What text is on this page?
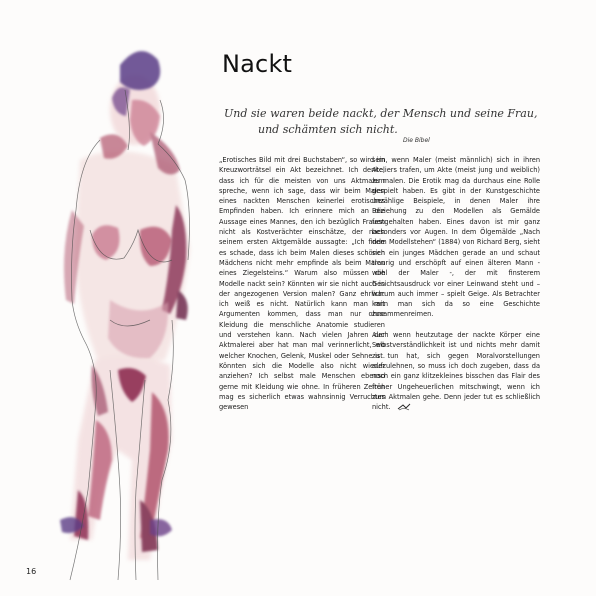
Nackt
Und sie waren beide nackt, der Mensch und seine Frau,
und schämten sich nicht.
Die Bibel

„Erotisches Bild mit drei Buchstaben“, so wird im Kreuzworträtsel ein Akt bezeichnet. Ich denke, dass ich für die meisten von uns Aktmalern spreche, wenn ich sage, dass wir beim Malen eines nackten Menschen keinerlei erotisches Empfinden haben. Ich erinnere mich an die Aussage eines Mannes, den ich bezüglich Frauen nicht als Kostverächter einschätze, der nach seinem ersten Aktgemälde aussagte: „Ich finde es schade, dass ich beim Malen dieses schönen Mädchens nicht mehr empfinde als beim Malen eines Ziegelsteins.“ Warum also müssen die Modelle nackt sein? Könnten wir sie nicht auch in der angezogenen Version malen? Ganz ehrlich: ich weiß es nicht. Natürlich kann man mit Argumenten kommen, dass man nur ohne Kleidung die menschliche Anatomie studieren und verstehen kann. Nach vielen Jahren der Aktmalerei aber hat man mal verinnerlicht, wo welcher Knochen, Gelenk, Muskel oder Sehne ist. Könnten sich die Modelle also nicht wieder anziehen? Ich selbst male Menschen ebenso gerne mit Kleidung wie ohne. In früheren Zeiten mag es sicherlich etwas wahnsinnig Verruchtes gewesen

sein, wenn Maler (meist männlich) sich in ihren Ateliers trafen, um Akte (meist jung und weiblich) zu malen. Die Erotik mag da durchaus eine Rolle gespielt haben. Es gibt in der Kunstgeschichte unzählige Beispiele, in denen Maler ihre Beziehung zu den Modellen als Gemälde festgehalten haben. Eines davon ist mir ganz besonders vor Augen. In dem Ölgemälde „Nach dem Modellstehen“ (1884) von Richard Berg, sieht sich ein junges Mädchen gerade an und schaut traurig und erschöpft auf einen älteren Mann - wohl der Maler -, der mit finsterem Gesichtsausdruck vor einer Leinwand steht und – warum auch immer – spielt Geige. Als Betrachter kann man sich da so eine Geschichte zusammenreimen.

Auch wenn heutzutage der nackte Körper eine Selbstverständlichkeit ist und nichts mehr damit zu tun hat, sich gegen Moralvorstellungen aufzulehnen, so muss ich doch zugeben, dass da noch ein ganz klitzekleines bisschen das Flair des früher Ungeheuerlichen mitschwingt, wenn ich zum Aktmalen gehe. Denn jeder tut es schließlich nicht.

16
